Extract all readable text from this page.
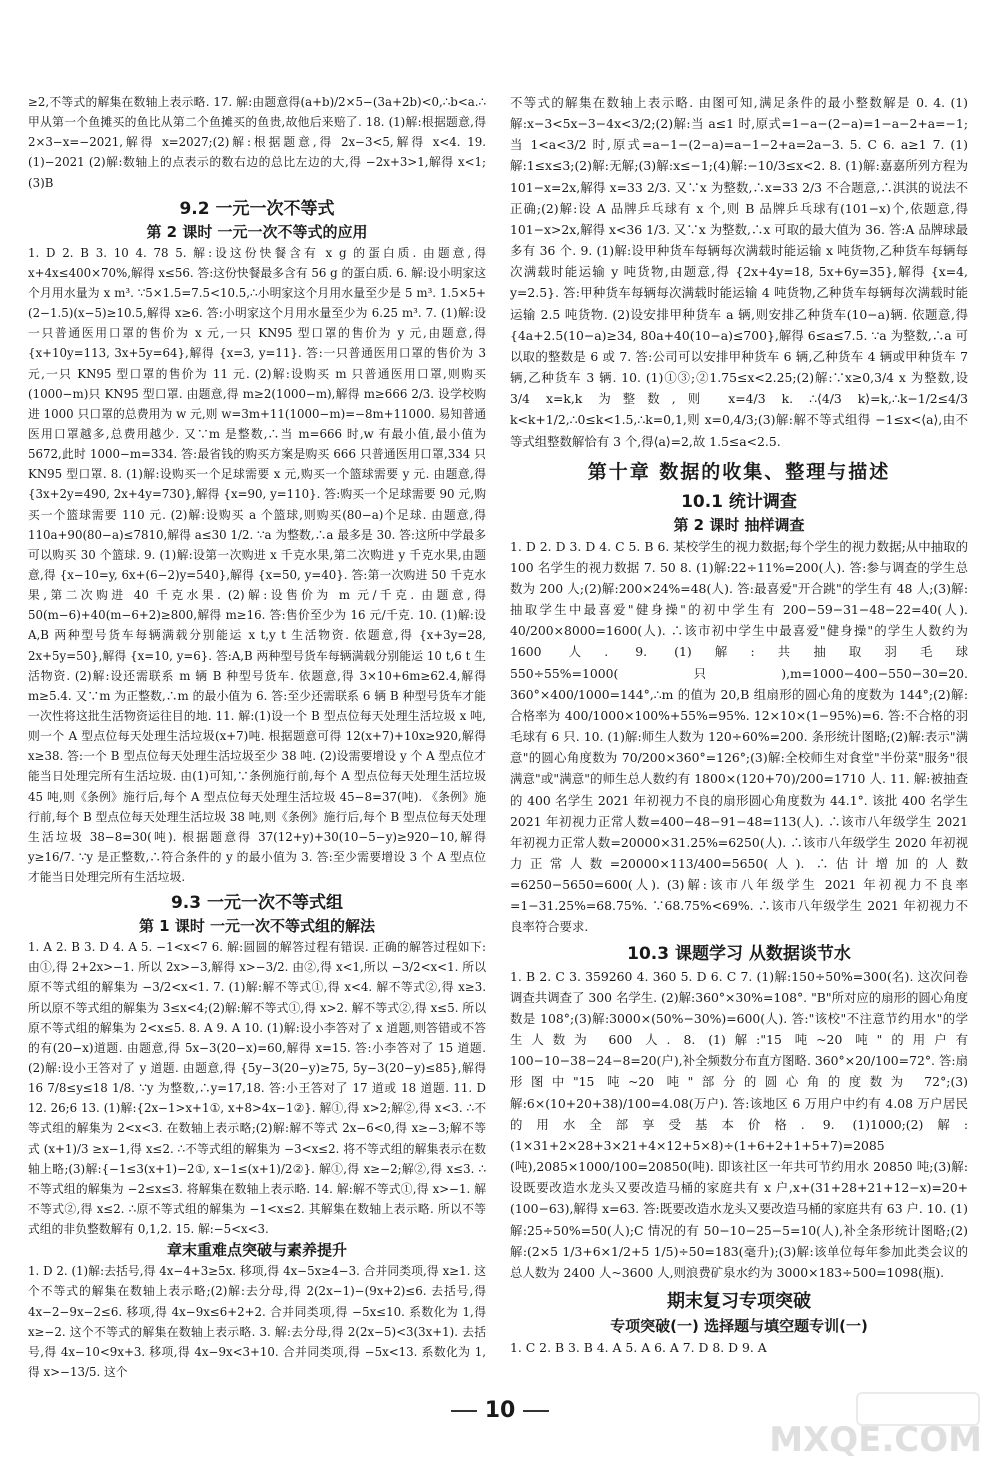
≥2,不等式的解集在数轴上表示略. 17. 解:由题意得(a+b)/2×5−(3a+2b)<0,∴b<a.∴甲从第一个鱼摊买的鱼比从第二个鱼摊买的鱼贵,故他后来赔了. 18. (1)解:根据题意,得 2×3−x=−2021,解得 x=2027;(2)解:根据题意,得 2x−3<5,解得 x<4. 19. (1)−2021 (2)解:数轴上的点表示的数右边的总比左边的大,得 −2x+3>1,解得 x<1;(3)B

9.2 一元一次不等式
第 2 课时 一元一次不等式的应用

1. D 2. B 3. 10 4. 78 5. 解:设这份快餐含有 x g 的蛋白质. 由题意,得 x+4x≤400×70%,解得 x≤56. 答:这份快餐最多含有 56 g 的蛋白质. 6. 解:设小明家这个月用水量为 x m³. ∵5×1.5=7.5<10.5,∴小明家这个月用水量至少是 5 m³. 1.5×5+(2−1.5)(x−5)≥10.5,解得 x≥6. 答:小明家这个月用水量至少为 6.25 m³. 7. (1)解:设一只普通医用口罩的售价为 x 元,一只 KN95 型口罩的售价为 y 元,由题意,得 {x+10y=113, 3x+5y=64},解得 {x=3, y=11}. 答:一只普通医用口罩的售价为 3 元,一只 KN95 型口罩的售价为 11 元. (2)解:设购买 m 只普通医用口罩,则购买(1000−m)只 KN95 型口罩. 由题意,得 m≥2(1000−m),解得 m≥666 2/3. 设学校购进 1000 只口罩的总费用为 w 元,则 w=3m+11(1000−m)=−8m+11000. 易知普通医用口罩越多,总费用越少. 又∵m 是整数,∴当 m=666 时,w 有最小值,最小值为 5672,此时 1000−m=334. 答:最省钱的购买方案是购买 666 只普通医用口罩,334 只 KN95 型口罩. 8. (1)解:设购买一个足球需要 x 元,购买一个篮球需要 y 元. 由题意,得 {3x+2y=490, 2x+4y=730},解得 {x=90, y=110}. 答:购买一个足球需要 90 元,购买一个篮球需要 110 元. (2)解:设购买 a 个篮球,则购买(80−a)个足球. 由题意,得 110a+90(80−a)≤7810,解得 a≤30 1/2. ∵a 为整数,∴a 最多是 30. 答:这所中学最多可以购买 30 个篮球. 9. (1)解:设第一次购进 x 千克水果,第二次购进 y 千克水果,由题意,得 {x−10=y, 6x+(6−2)y=540},解得 {x=50, y=40}. 答:第一次购进 50 千克水果,第二次购进 40 千克水果. (2)解:设售价为 m 元/千克. 由题意,得 50(m−6)+40(m−6+2)≥800,解得 m≥16. 答:售价至少为 16 元/千克. 10. (1)解:设 A,B 两种型号货车每辆满载分别能运 x t,y t 生活物资. 依题意,得 {x+3y=28, 2x+5y=50},解得 {x=10, y=6}. 答:A,B 两种型号货车每辆满载分别能运 10 t,6 t 生活物资. (2)解:设还需联系 m 辆 B 种型号货车. 依题意,得 3×10+6m≥62.4,解得 m≥5.4. 又∵m 为正整数,∴m 的最小值为 6. 答:至少还需联系 6 辆 B 种型号货车才能一次性将这批生活物资运往目的地. 11. 解:(1)设一个 B 型点位每天处理生活垃圾 x 吨,则一个 A 型点位每天处理生活垃圾(x+7)吨. 根据题意可得 12(x+7)+10x≥920,解得 x≥38. 答:一个 B 型点位每天处理生活垃圾至少 38 吨. (2)设需要增设 y 个 A 型点位才能当日处理完所有生活垃圾. 由(1)可知,∵条例施行前,每个 A 型点位每天处理生活垃圾 45 吨,则《条例》施行后,每个 A 型点位每天处理生活垃圾 45−8=37(吨). 《条例》施行前,每个 B 型点位每天处理生活垃圾 38 吨,则《条例》施行后,每个 B 型点位每天处理生活垃圾 38−8=30(吨). 根据题意得 37(12+y)+30(10−5−y)≥920−10,解得 y≥16/7. ∵y 是正整数,∴符合条件的 y 的最小值为 3. 答:至少需要增设 3 个 A 型点位才能当日处理完所有生活垃圾.

9.3 一元一次不等式组
第 1 课时 一元一次不等式组的解法

1. A 2. B 3. D 4. A 5. −1<x<7 6. 解:圆圆的解答过程有错误. 正确的解答过程如下:由①,得 2+2x>−1. 所以 2x>−3,解得 x>−3/2. 由②,得 x<1,所以 −3/2<x<1. 所以原不等式组的解集为 −3/2<x<1. 7. (1)解:解不等式①,得 x<4. 解不等式②,得 x≥3. 所以原不等式组的解集为 3≤x<4;(2)解:解不等式①,得 x>2. 解不等式②,得 x≤5. 所以原不等式组的解集为 2<x≤5. 8. A 9. A 10. (1)解:设小李答对了 x 道题,则答错或不答的有(20−x)道题. 由题意,得 5x−3(20−x)=60,解得 x=15. 答:小李答对了 15 道题. (2)解:设小王答对了 y 道题. 由题意,得 {5y−3(20−y)≥75, 5y−3(20−y)≤85},解得 16 7/8≤y≤18 1/8. ∵y 为整数,∴y=17,18. 答:小王答对了 17 道或 18 道题. 11. D 12. 26;6 13. (1)解:{2x−1>x+1①, x+8>4x−1②}. 解①,得 x>2;解②,得 x<3. ∴不等式组的解集为 2<x<3. 在数轴上表示略;(2)解:解不等式 2x−6<0,得 x≥−3;解不等式 (x+1)/3 ≥x−1,得 x≤2. ∴不等式组的解集为 −3<x≤2. 将不等式组的解集表示在数轴上略;(3)解:{−1≤3(x+1)−2①, x−1≤(x+1)/2②}. 解①,得 x≥−2;解②,得 x≤3. ∴不等式组的解集为 −2≤x≤3. 将解集在数轴上表示略. 14. 解:解不等式①,得 x>−1. 解不等式②,得 x≤2. ∴原不等式组的解集为 −1<x≤2. 其解集在数轴上表示略. 所以不等式组的非负整数解有 0,1,2. 15. 解:−5<x<3.

章末重难点突破与素养提升

1. D 2. (1)解:去括号,得 4x−4+3≥5x. 移项,得 4x−5x≥4−3. 合并同类项,得 x≥1. 这个不等式的解集在数轴上表示略;(2)解:去分母,得 2(2x−1)−(9x+2)≤6. 去括号,得 4x−2−9x−2≤6. 移项,得 4x−9x≤6+2+2. 合并同类项,得 −5x≤10. 系数化为 1,得 x≥−2. 这个不等式的解集在数轴上表示略. 3. 解:去分母,得 2(2x−5)<3(3x+1). 去括号,得 4x−10<9x+3. 移项,得 4x−9x<3+10. 合并同类项,得 −5x<13. 系数化为 1,得 x>−13/5. 这个

不等式的解集在数轴上表示略. 由图可知,满足条件的最小整数解是 0. 4. (1)解:x−3<5x−3−4x<3/2;(2)解:当 a≤1 时,原式=1−a−(2−a)=1−a−2+a=−1;当 1<a<3/2 时,原式=a−1−(2−a)=a−1−2+a=2a−3. 5. C 6. a≥1 7. (1)解:1≤x≤3;(2)解:无解;(3)解:x≤−1;(4)解:−10/3≤x<2. 8. (1)解:嘉嘉所列方程为 101−x=2x,解得 x=33 2/3. 又∵x 为整数,∴x=33 2/3 不合题意,∴淇淇的说法不正确;(2)解:设 A 品牌乒乓球有 x 个,则 B 品牌乒乓球有(101−x)个,依题意,得 101−x>2x,解得 x<36 1/3. 又∵x 为整数,∴x 可取的最大值为 36. 答:A 品牌球最多有 36 个. 9. (1)解:设甲种货车每辆每次满载时能运输 x 吨货物,乙种货车每辆每次满载时能运输 y 吨货物,由题意,得 {2x+4y=18, 5x+6y=35},解得 {x=4, y=2.5}. 答:甲种货车每辆每次满载时能运输 4 吨货物,乙种货车每辆每次满载时能运输 2.5 吨货物. (2)设安排甲种货车 a 辆,则安排乙种货车(10−a)辆. 依题意,得 {4a+2.5(10−a)≥34, 80a+40(10−a)≤700},解得 6≤a≤7.5. ∵a 为整数,∴a 可以取的整数是 6 或 7. 答:公司可以安排甲种货车 6 辆,乙种货车 4 辆或甲种货车 7 辆,乙种货车 3 辆. 10. (1)①③;②1.75≤x<2.25;(2)解:∵x≥0,3/4 x 为整数,设 3/4 x=k,k 为整数,则 x=4/3 k. ∴⟨4/3 k⟩=k,∴k−1/2≤4/3 k<k+1/2,∴0≤k<1.5,∴k=0,1,则 x=0,4/3;(3)解:解不等式组得 −1≤x<⟨a⟩,由不等式组整数解恰有 3 个,得⟨a⟩=2,故 1.5≤a<2.5.

第十章 数据的收集、整理与描述
10.1 统计调查
第 2 课时 抽样调查

1. D 2. D 3. D 4. C 5. B 6. 某校学生的视力数据;每个学生的视力数据;从中抽取的 100 名学生的视力数据 7. 50 8. (1)解:22÷11%=200(人). 答:参与调查的学生总数为 200 人;(2)解:200×24%=48(人). 答:最喜爱"开合跳"的学生有 48 人;(3)解:抽取学生中最喜爱"健身操"的初中学生有 200−59−31−48−22=40(人). 40/200×8000=1600(人). ∴该市初中学生中最喜爱"健身操"的学生人数约为 1600 人. 9. (1)解:共抽取羽毛球 550÷55%=1000(只),m=1000−400−550−30=20. 360°×400/1000=144°,∴m 的值为 20,B 组扇形的圆心角的度数为 144°;(2)解:合格率为 400/1000×100%+55%=95%. 12×10×(1−95%)=6. 答:不合格的羽毛球有 6 只. 10. (1)解:师生人数为 120÷60%=200. 条形统计图略;(2)解:表示"满意"的圆心角度数为 70/200×360°=126°;(3)解:全校师生对食堂"半份菜"服务"很满意"或"满意"的师生总人数约有 1800×(120+70)/200=1710 人. 11. 解:被抽查的 400 名学生 2021 年初视力不良的扇形圆心角度数为 44.1°. 该批 400 名学生 2021 年初视力正常人数=400−48−91−48=113(人). ∴该市八年级学生 2021 年初视力正常人数=20000×31.25%=6250(人). ∴该市八年级学生 2020 年初视力正常人数=20000×113/400=5650(人). ∴估计增加的人数=6250−5650=600(人). (3)解:该市八年级学生 2021 年初视力不良率=1−31.25%=68.75%. ∵68.75%<69%. ∴该市八年级学生 2021 年初视力不良率符合要求.

10.3 课题学习 从数据谈节水

1. B 2. C 3. 359260 4. 360 5. D 6. C 7. (1)解:150÷50%=300(名). 这次问卷调查共调查了 300 名学生. (2)解:360°×30%=108°. "B"所对应的扇形的圆心角度数是 108°;(3)解:3000×(50%−30%)=600(人). 答:"该校"不注意节约用水"的学生人数为 600 人. 8. (1)解:"15 吨~20 吨"的用户有 100−10−38−24−8=20(户),补全频数分布直方图略. 360°×20/100=72°. 答:扇形图中"15 吨~20 吨"部分的圆心角的度数为 72°;(3)解:6×(10+20+38)/100=4.08(万户). 答:该地区 6 万用户中约有 4.08 万户居民的用水全部享受基本价格. 9. (1)1000;(2)解:(1×31+2×28+3×21+4×12+5×8)÷(1+6+2+1+5+7)=2085 (吨),2085×1000/100=20850(吨). 即该社区一年共可节约用水 20850 吨;(3)解:设既要改造水龙头又要改造马桶的家庭共有 x 户,x+(31+28+21+12−x)=20+(100−63),解得 x=63. 答:既要改造水龙头又要改造马桶的家庭共有 63 户. 10. (1)解:25÷50%=50(人);C 情况的有 50−10−25−5=10(人),补全条形统计图略;(2)解:(2×5 1/3+6×1/2+5 1/5)÷50=183(毫升);(3)解:该单位每年参加此类会议的总人数为 2400 人~3600 人,则浪费矿泉水约为 3000×183÷500=1098(瓶).

期末复习专项突破
专项突破(一) 选择题与填空题专训(一)

1. C 2. B 3. B 4. A 5. A 6. A 7. D 8. D 9. A

10
MXQE.COM
